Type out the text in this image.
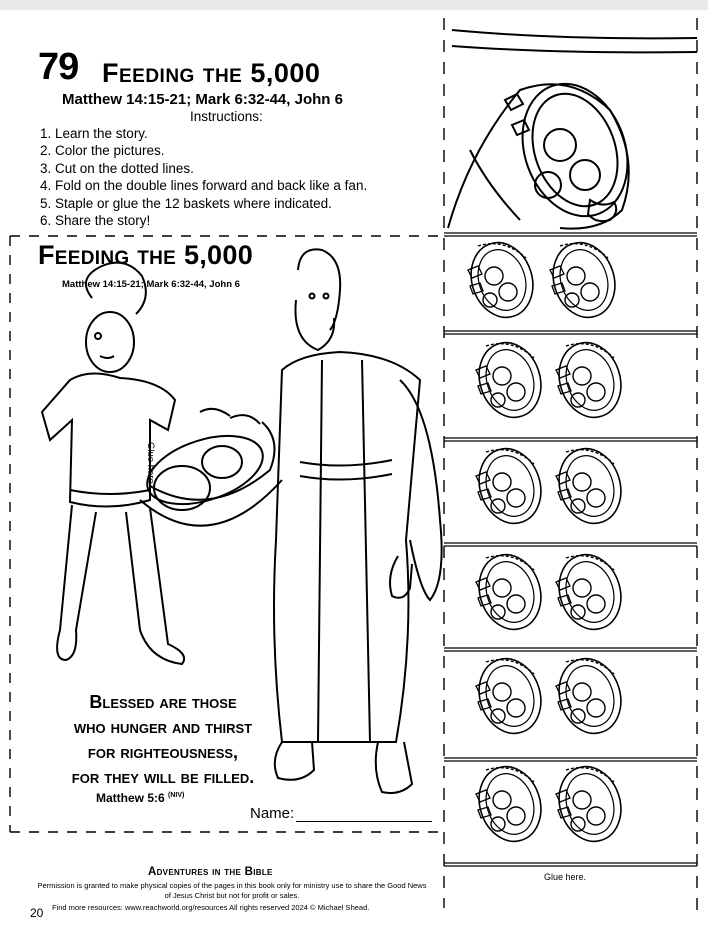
79 Feeding the 5,000
Matthew 14:15-21; Mark 6:32-44, John 6
Instructions:
1. Learn the story.
2. Color the pictures.
3. Cut on the dotted lines.
4. Fold on the double lines forward and back like a fan.
5. Staple or glue the 12 baskets where indicated.
6. Share the story!
Feeding the 5,000
Matthew 14:15-21; Mark 6:32-44, John 6
Glue here
Blessed are those
who hunger and thirst
for righteousness,
for they will be filled.
Matthew 5:6 $^{(NIV)}$
Name:
Glue here.
Adventures in the Bible
Permission is granted to make physical copies of the pages in this book only for ministry use to share the Good News of Jesus Christ but not for profit or sales.
Find more resources: www.reachworld.org/resources All rights reserved 2024 © Michael Shead.
20
